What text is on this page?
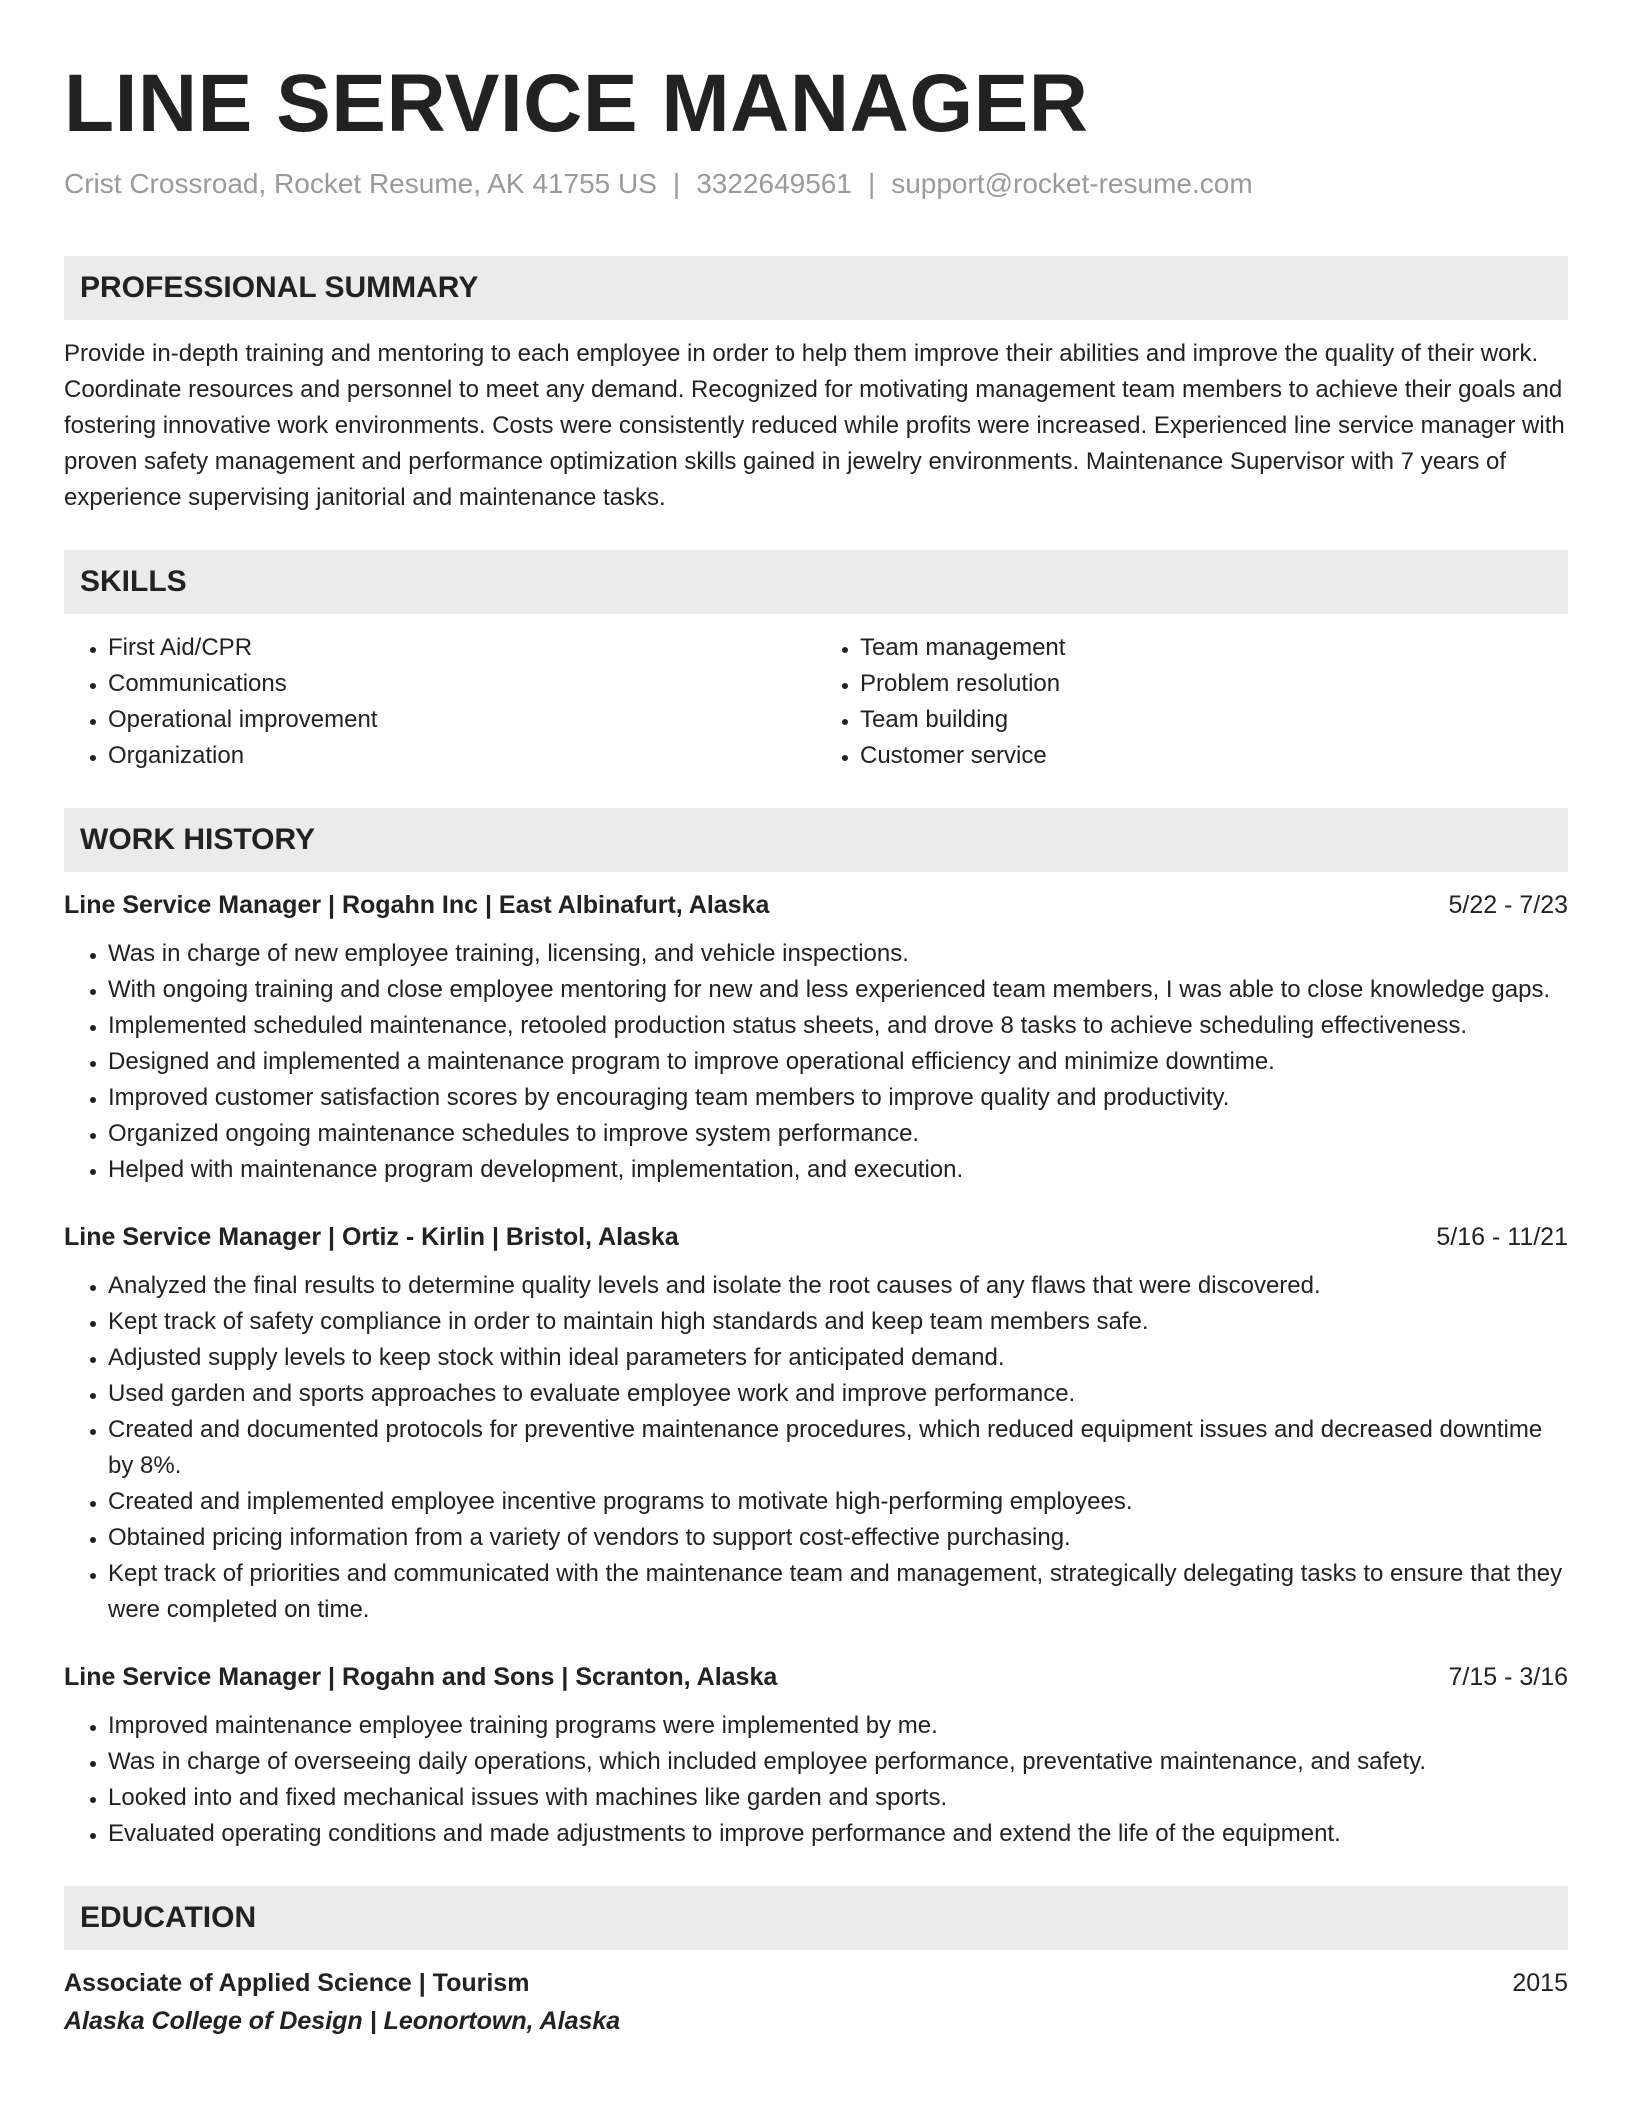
LINE SERVICE MANAGER
Crist Crossroad, Rocket Resume, AK 41755 US | 3322649561 | support@rocket-resume.com
PROFESSIONAL SUMMARY

Provide in-depth training and mentoring to each employee in order to help them improve their abilities and improve the quality of their work. Coordinate resources and personnel to meet any demand. Recognized for motivating management team members to achieve their goals and fostering innovative work environments. Costs were consistently reduced while profits were increased. Experienced line service manager with proven safety management and performance optimization skills gained in jewelry environments. Maintenance Supervisor with 7 years of experience supervising janitorial and maintenance tasks.

SKILLS
• First Aid/CPR
• Communications
• Operational improvement
• Organization
• Team management
• Problem resolution
• Team building
• Customer service
WORK HISTORY
Line Service Manager | Rogahn Inc | East Albinafurt, Alaska	5/22 - 7/23
• Was in charge of new employee training, licensing, and vehicle inspections.
• With ongoing training and close employee mentoring for new and less experienced team members, I was able to close knowledge gaps.
• Implemented scheduled maintenance, retooled production status sheets, and drove 8 tasks to achieve scheduling effectiveness.
• Designed and implemented a maintenance program to improve operational efficiency and minimize downtime.
• Improved customer satisfaction scores by encouraging team members to improve quality and productivity.
• Organized ongoing maintenance schedules to improve system performance.
• Helped with maintenance program development, implementation, and execution.
Line Service Manager | Ortiz - Kirlin | Bristol, Alaska	5/16 - 11/21
• Analyzed the final results to determine quality levels and isolate the root causes of any flaws that were discovered.
• Kept track of safety compliance in order to maintain high standards and keep team members safe.
• Adjusted supply levels to keep stock within ideal parameters for anticipated demand.
• Used garden and sports approaches to evaluate employee work and improve performance.
• Created and documented protocols for preventive maintenance procedures, which reduced equipment issues and decreased downtime by 8%.
• Created and implemented employee incentive programs to motivate high-performing employees.
• Obtained pricing information from a variety of vendors to support cost-effective purchasing.
• Kept track of priorities and communicated with the maintenance team and management, strategically delegating tasks to ensure that they were completed on time.
Line Service Manager | Rogahn and Sons | Scranton, Alaska	7/15 - 3/16
• Improved maintenance employee training programs were implemented by me.
• Was in charge of overseeing daily operations, which included employee performance, preventative maintenance, and safety.
• Looked into and fixed mechanical issues with machines like garden and sports.
• Evaluated operating conditions and made adjustments to improve performance and extend the life of the equipment.
EDUCATION
Associate of Applied Science | Tourism	2015
Alaska College of Design | Leonortown, Alaska
